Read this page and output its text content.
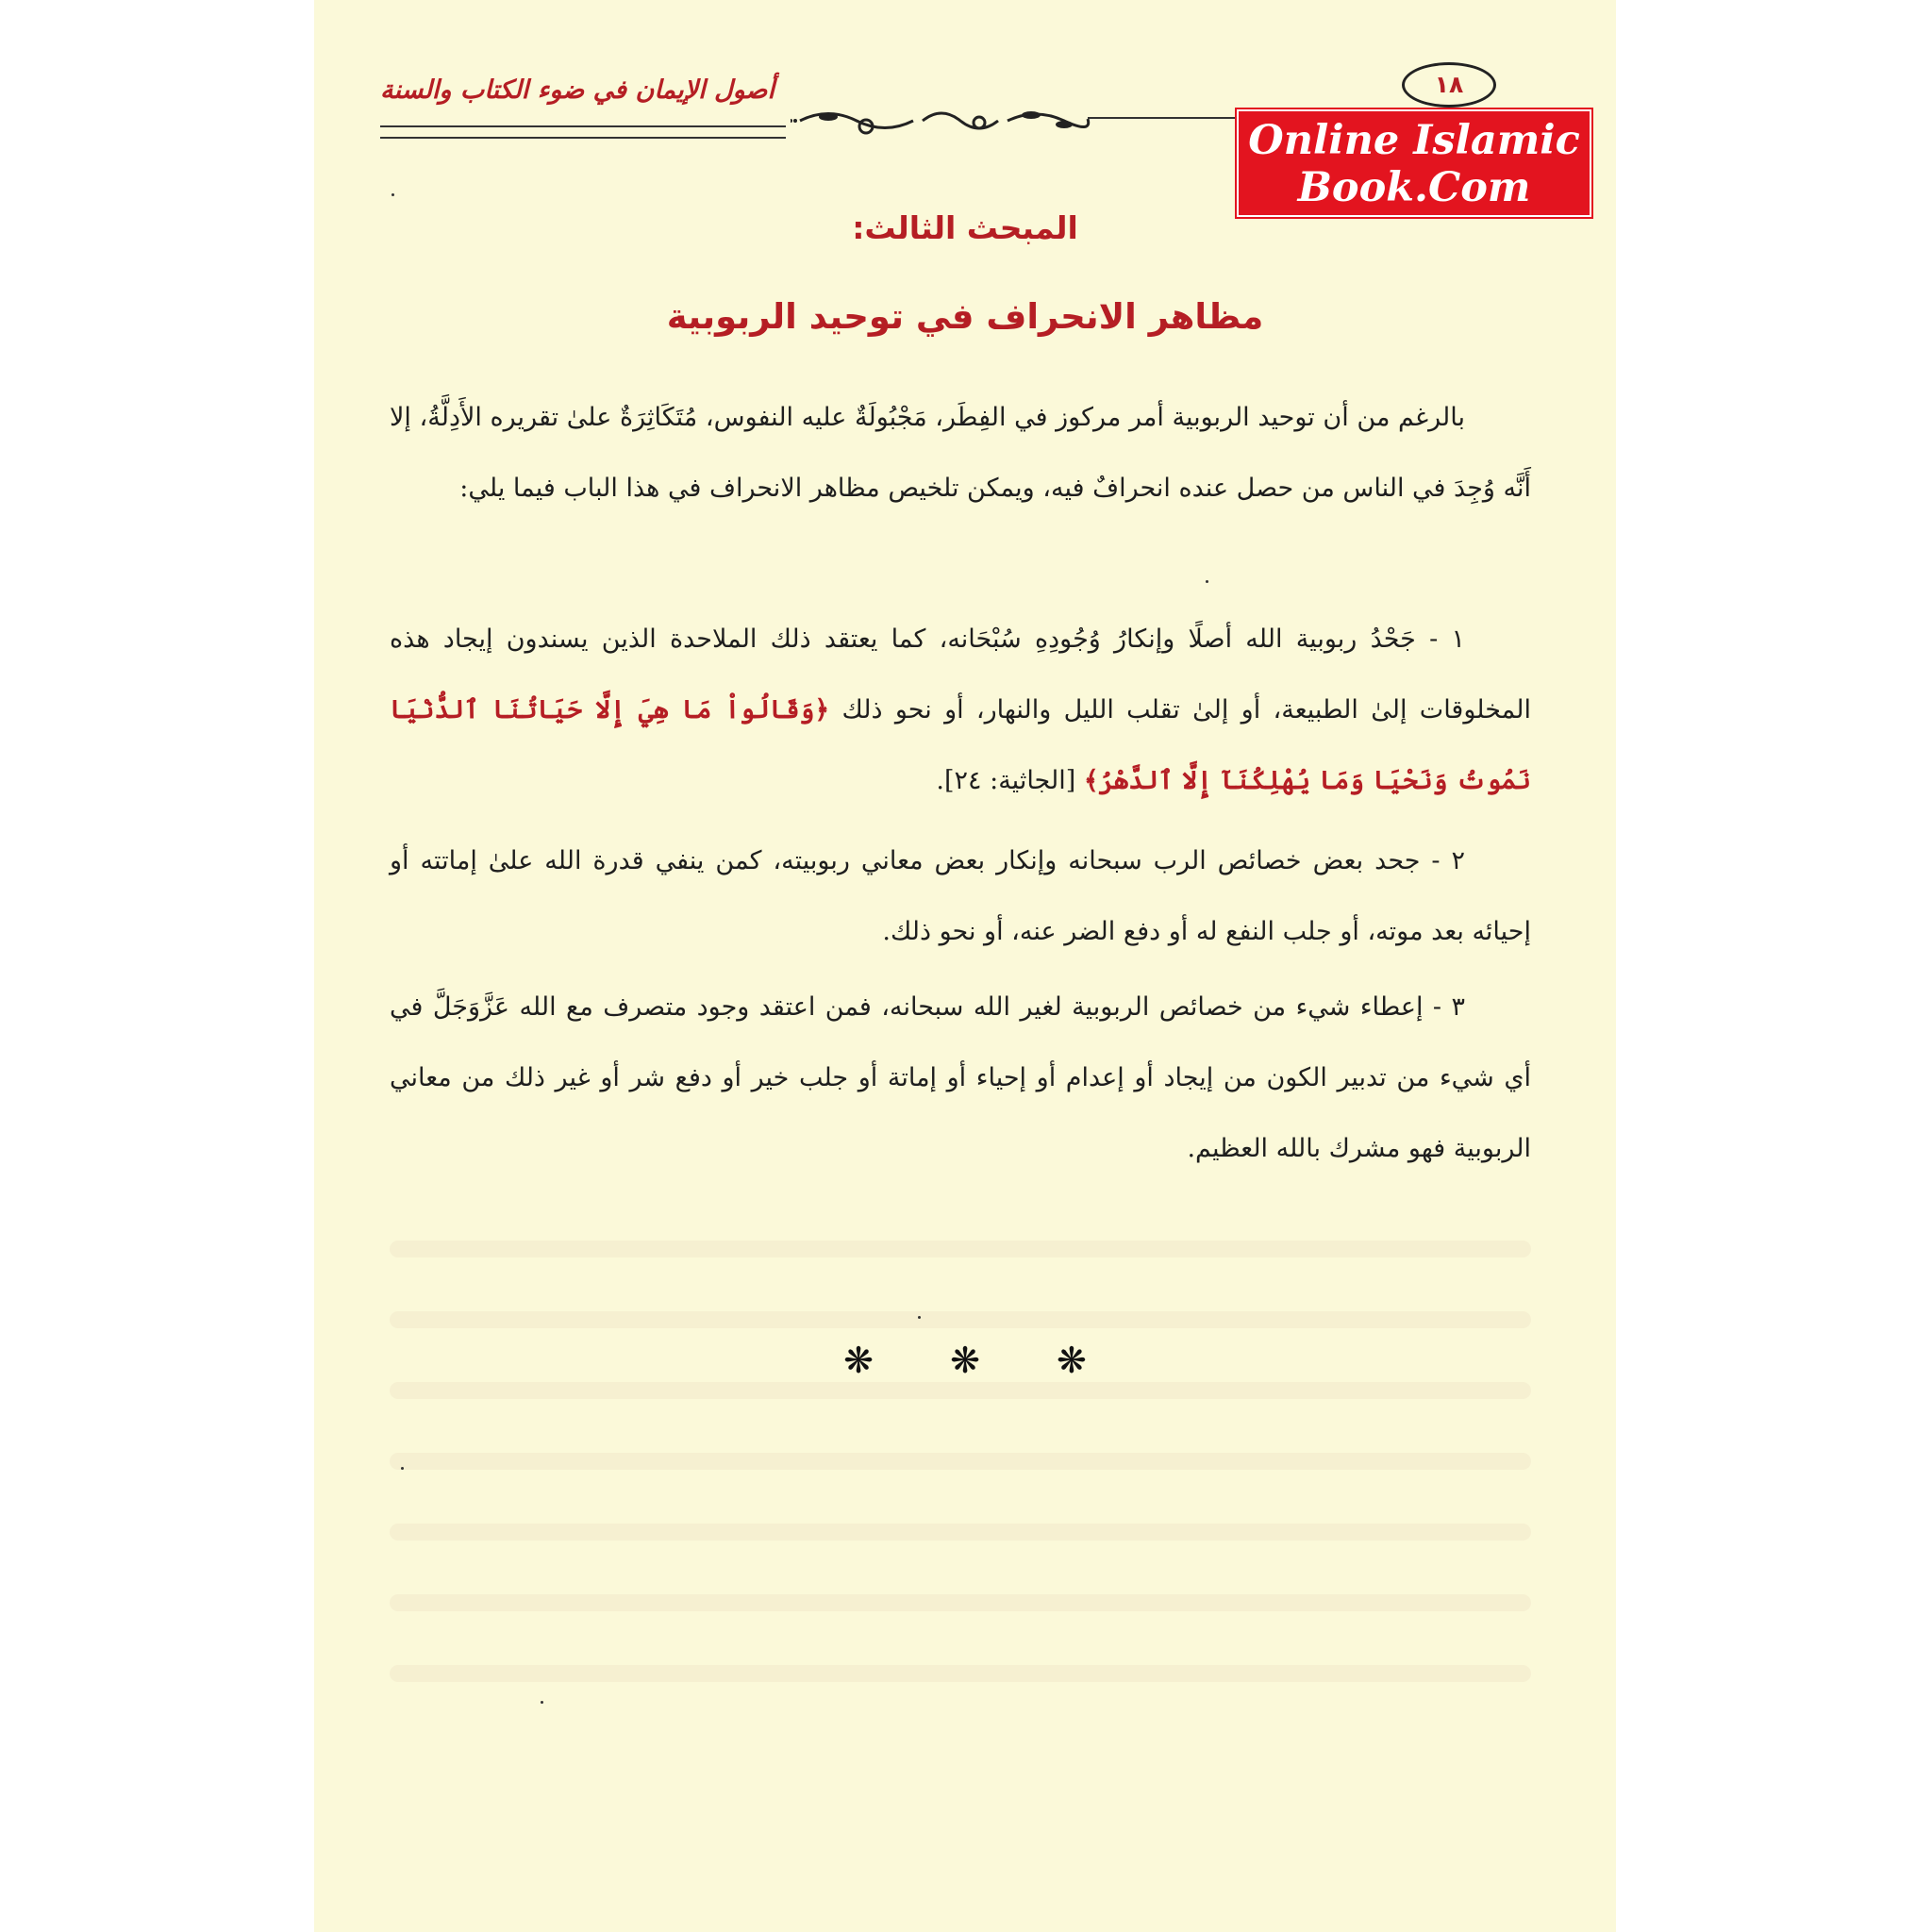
أصول الإيمان في ضوء الكتاب والسنة	١٨
Online Islamic
Book.Com
المبحث الثالث:
مظاهر الانحراف في توحيد الربوبية
بالرغم من أن توحيد الربوبية أمر مركوز في الفِطَر، مَجْبُولَةٌ عليه النفوس، مُتَكَاثِرَةٌ علىٰ تقريره الأَدِلَّةُ، إلا أَنَّه وُجِدَ في الناس من حصل عنده انحرافٌ فيه، ويمكن تلخيص مظاهر الانحراف في هذا الباب فيما يلي:
١ - جَحْدُ ربوبية الله أصلًا وإنكارُ وُجُودِهِ سُبْحَانه، كما يعتقد ذلك الملاحدة الذين يسندون إيجاد هذه المخلوقات إلىٰ الطبيعة، أو إلىٰ تقلب الليل والنهار، أو نحو ذلك ﴿وَقَالُواْ مَا هِيَ إِلَّا حَيَاتُنَا ٱلدُّنْيَا نَمُوتُ وَنَحْيَا وَمَا يُهْلِكُنَآ إِلَّا ٱلدَّهْرُ﴾ [الجاثية: ٢٤].
٢ - جحد بعض خصائص الرب سبحانه وإنكار بعض معاني ربوبيته، كمن ينفي قدرة الله علىٰ إماتته أو إحيائه بعد موته، أو جلب النفع له أو دفع الضر عنه، أو نحو ذلك.
٣ - إعطاء شيء من خصائص الربوبية لغير الله سبحانه، فمن اعتقد وجود متصرف مع الله عَزَّوَجَلَّ في أي شيء من تدبير الكون من إيجاد أو إعدام أو إحياء أو إماتة أو جلب خير أو دفع شر أو غير ذلك من معاني الربوبية فهو مشرك بالله العظيم.
❋ ❋ ❋
